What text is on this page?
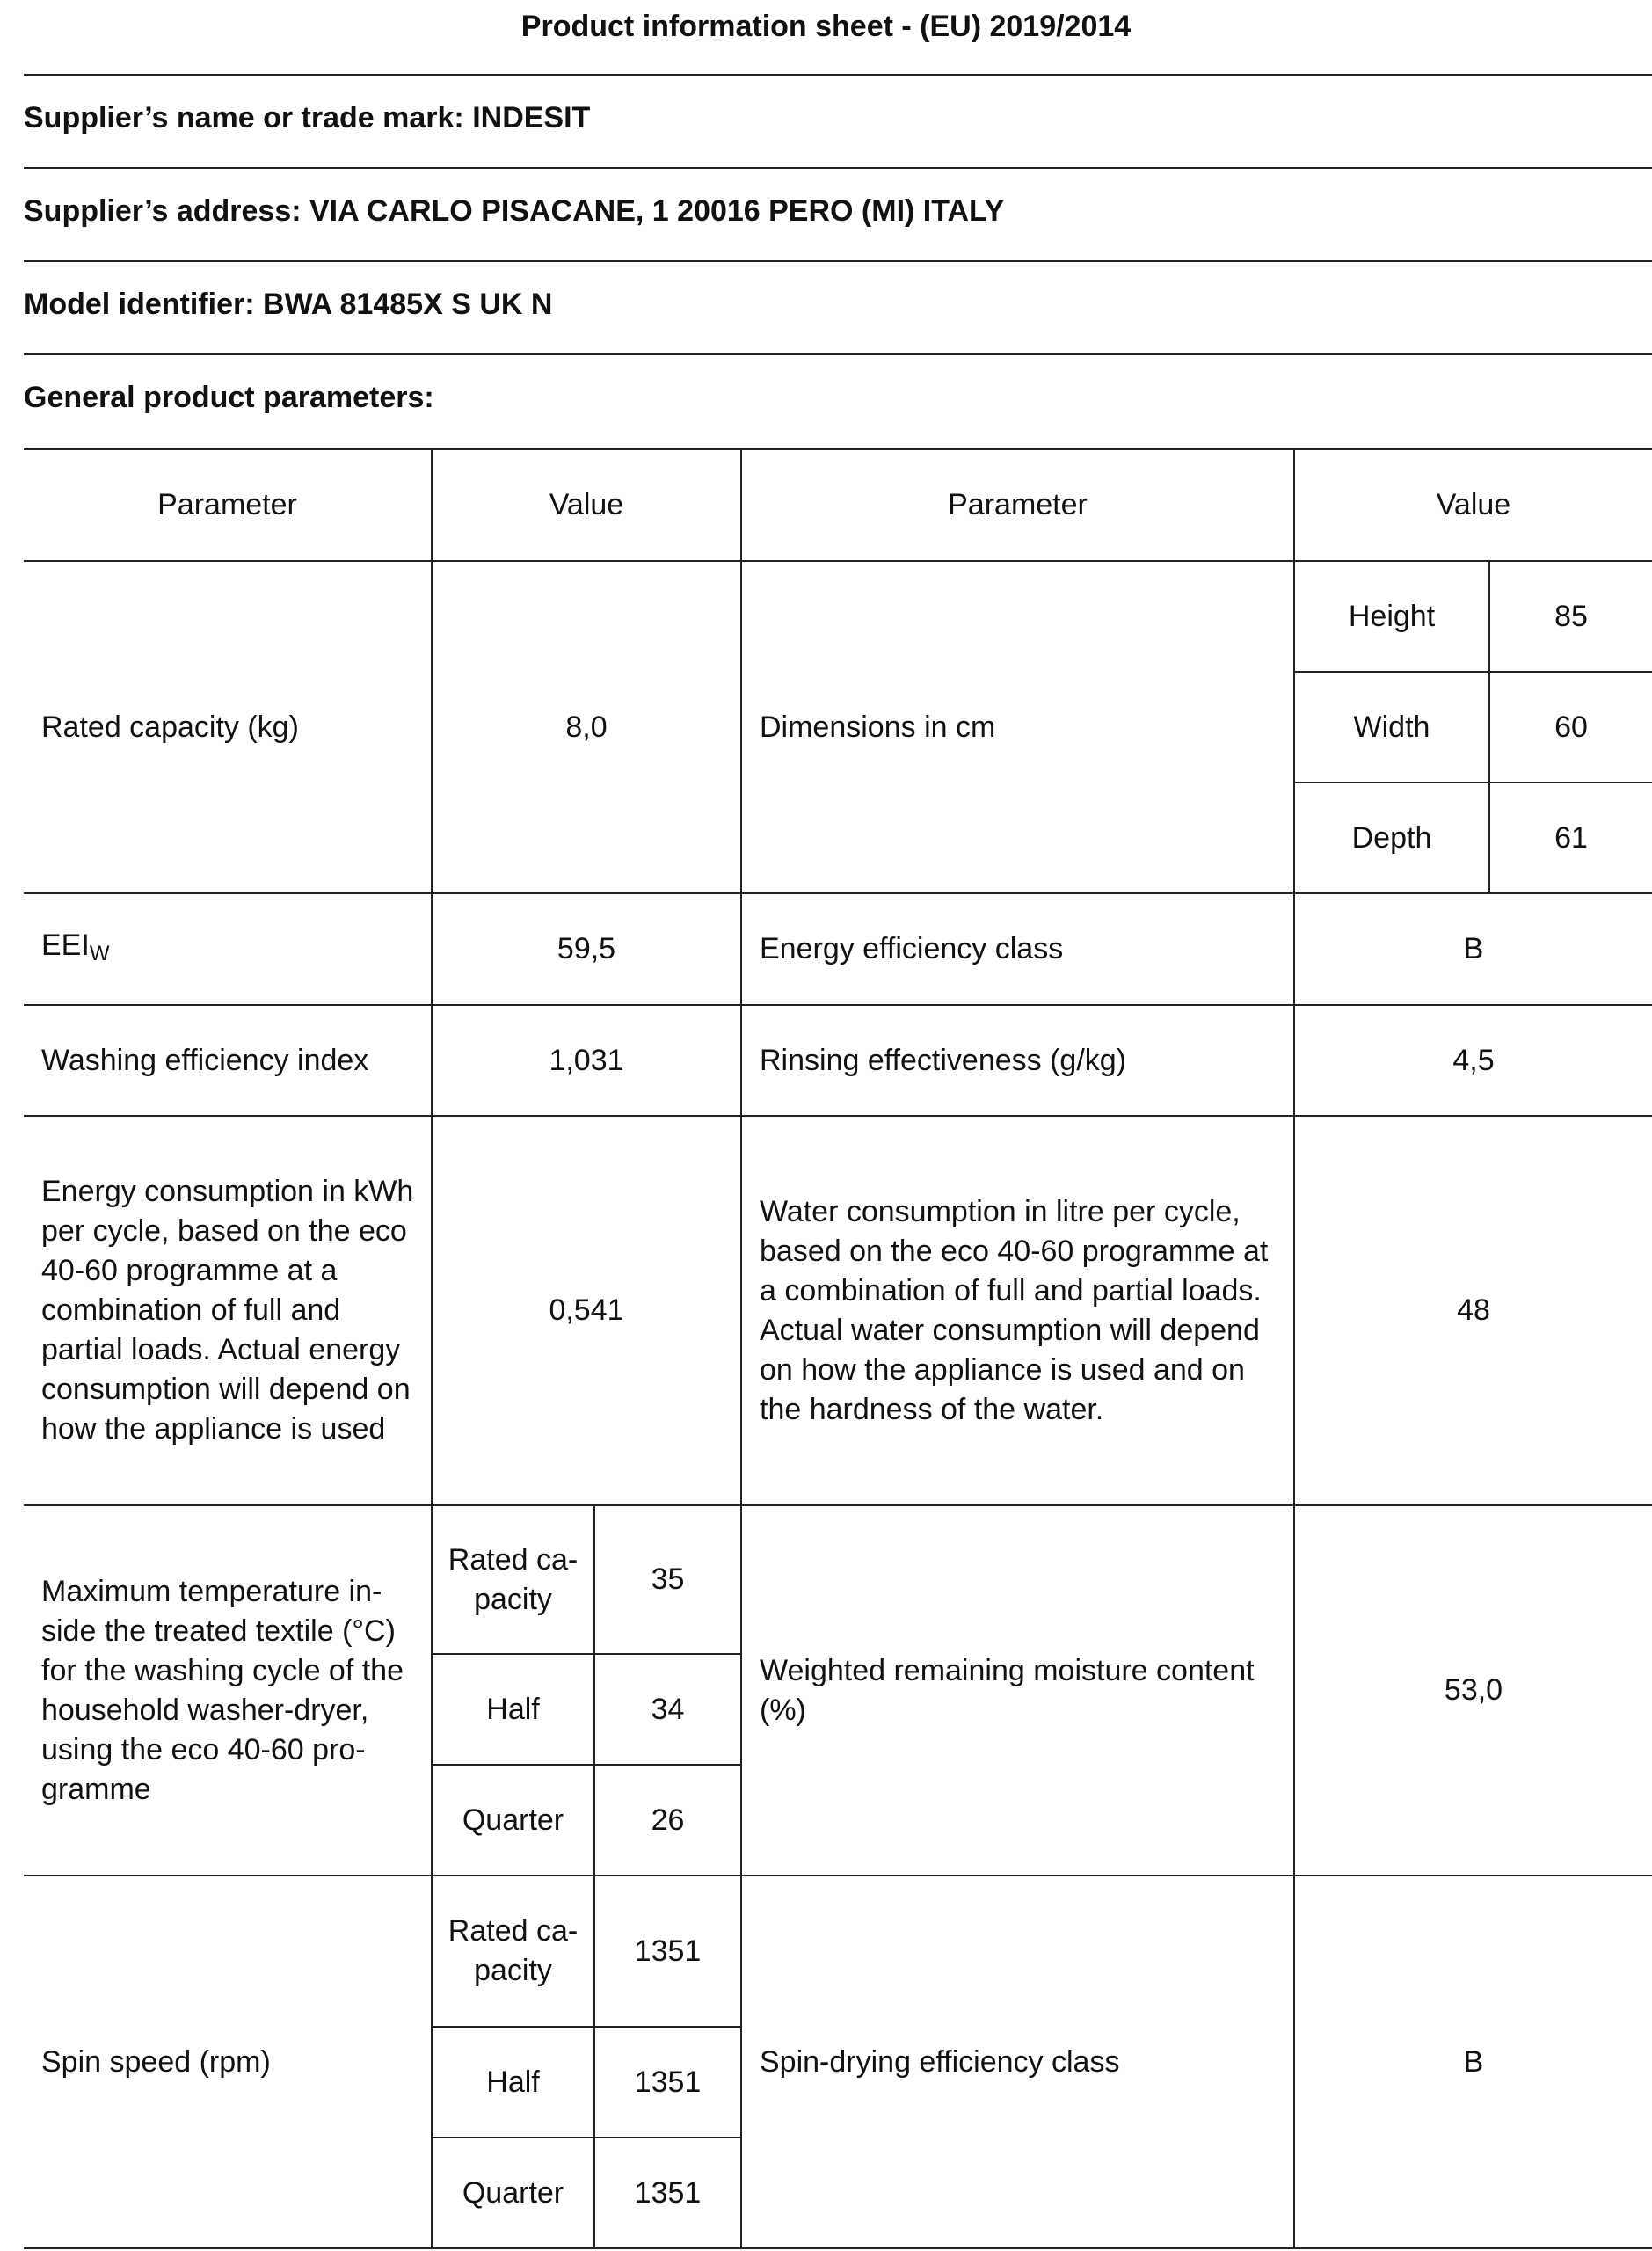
Product information sheet - (EU) 2019/2014
Supplier’s name or trade mark: INDESIT
Supplier’s address: VIA CARLO PISACANE, 1 20016 PERO (MI) ITALY
Model identifier: BWA 81485X S UK N
General product parameters:
Parameter	Value		Parameter	Value	
Rated capacity (kg)	8,0		Dimensions in cm	Height	85
				Width	60
				Depth	61
$EEI_W$	59,5		Energy efficiency class	B	
Washing efficiency index	1,031		Rinsing effectiveness (g/kg)	4,5	
Energy consumption in kWh per cycle, based on the eco 40-60 programme at a combination of full and partial loads. Actual energy consumption will depend on how the appliance is used	0,541		Water consumption in litre per cycle, based on the eco 40-60 programme at a combination of full and partial loads. Actual water consumption will depend on how the appliance is used and on the hardness of the water.	48	
Maximum temperature inside the treated textile (°C) for the washing cycle of the household washer-dryer, using the eco 40-60 programme	Rated capacity	35	Weighted remaining moisture content (%)	53,0	
	Half	34			
	Quarter	26			
Spin speed (rpm)	Rated capacity	1351	Spin-drying efficiency class	B	
	Half	1351			
	Quarter	1351			
